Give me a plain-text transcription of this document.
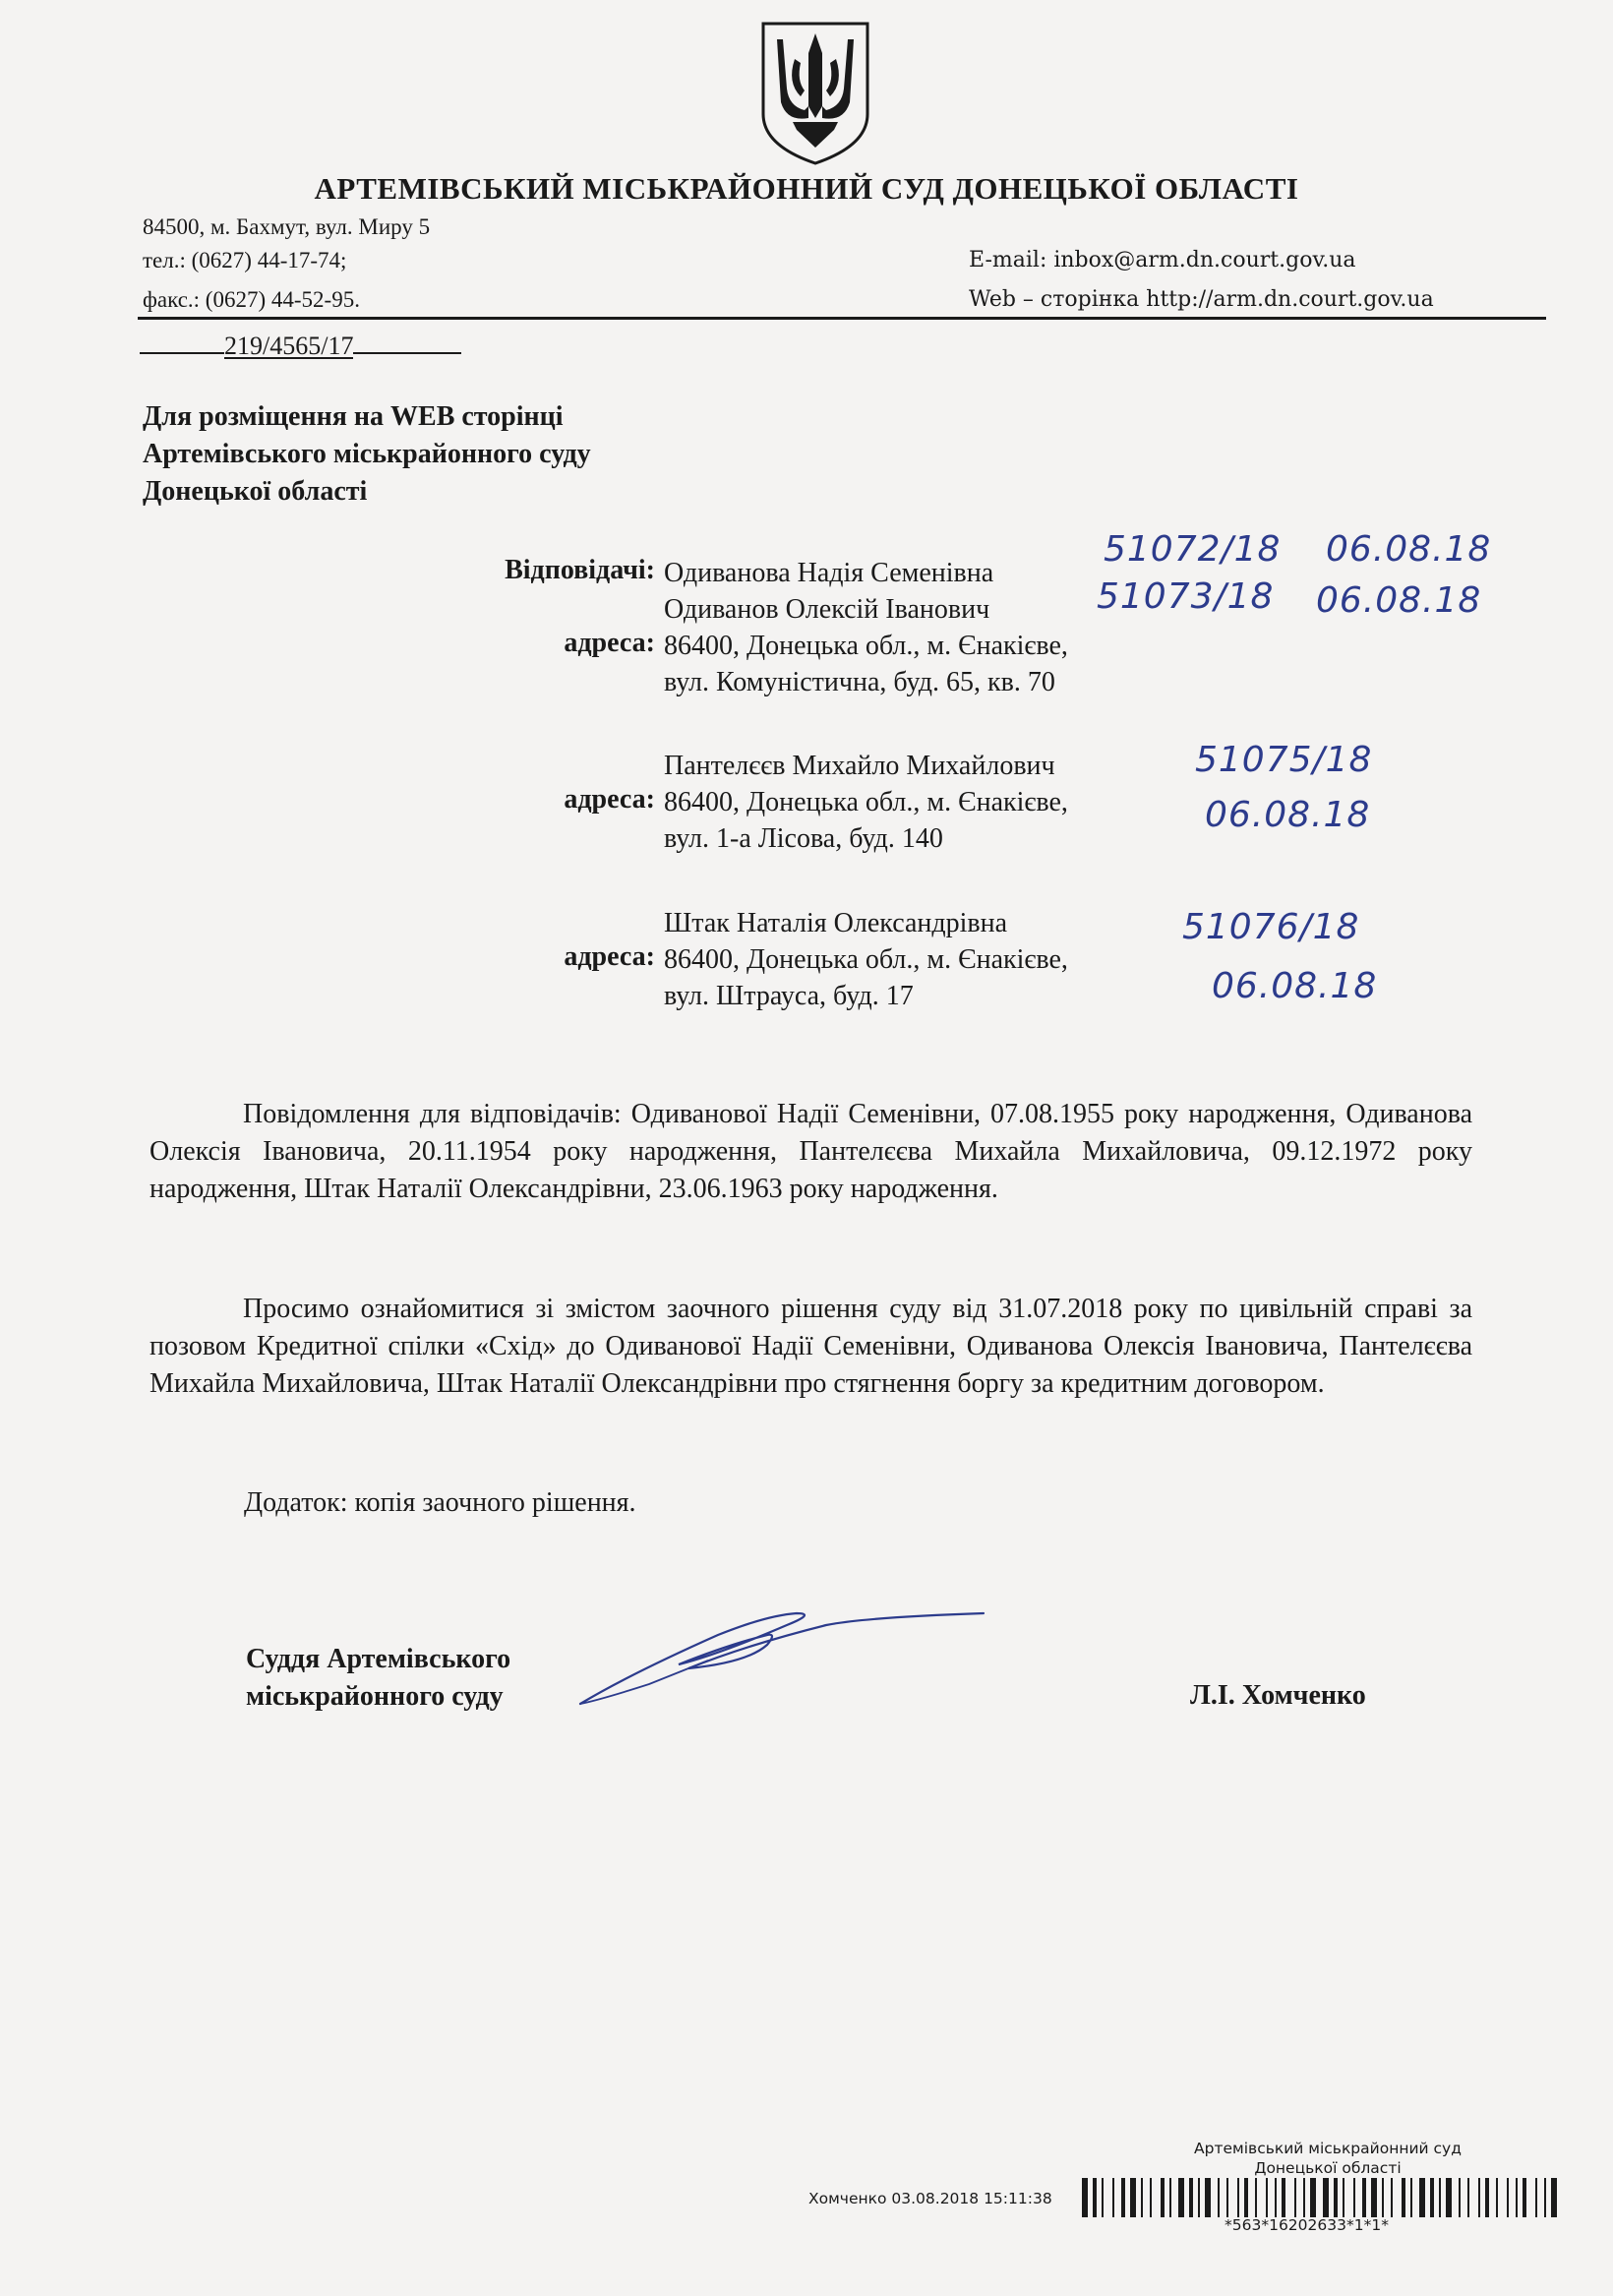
АРТЕМІВСЬКИЙ МІСЬКРАЙОННИЙ СУД ДОНЕЦЬКОЇ ОБЛАСТІ
84500, м. Бахмут, вул. Миру 5
тел.: (0627) 44-17-74;
факс.: (0627) 44-52-95.
E-mail: inbox@arm.dn.court.gov.ua
Web – сторінка http://arm.dn.court.gov.ua
219/4565/17
Для розміщення на WEB сторінці
Артемівського міськрайонного суду
Донецької області
Відповідачі: Одиванова Надія Семенівна
Одиванов Олексій Іванович
86400, Донецька обл., м. Єнакієве,
вул. Комуністична, буд. 65, кв. 70
адреса:
Пантелєєв Михайло Михайлович
86400, Донецька обл., м. Єнакієве,
вул. 1-а Лісова, буд. 140
адреса:
Штак Наталія Олександрівна
86400, Донецька обл., м. Єнакієве,
вул. Штрауса, буд. 17
адреса:
51072/18 06.08.18
51073/18 06.08.18
51075/18
06.08.18
51076/18
06.08.18
Повідомлення для відповідачів: Одиванової Надії Семенівни, 07.08.1955 року народження, Одиванова Олексія Івановича, 20.11.1954 року народження, Пантелєєва Михайла Михайловича, 09.12.1972 року народження, Штак Наталії Олександрівни, 23.06.1963 року народження.
Просимо ознайомитися зі змістом заочного рішення суду від 31.07.2018 року по цивільній справі за позовом Кредитної спілки «Схід» до Одиванової Надії Семенівни, Одиванова Олексія Івановича, Пантелєєва Михайла Михайловича, Штак Наталії Олександрівни про стягнення боргу за кредитним договором.
Додаток: копія заочного рішення.
Суддя Артемівського
міськрайонного суду	Л.І. Хомченко
Артемівський міськрайонний суд
Донецької області
Хомченко 03.08.2018 15:11:38
*563*16202633*1*1*
